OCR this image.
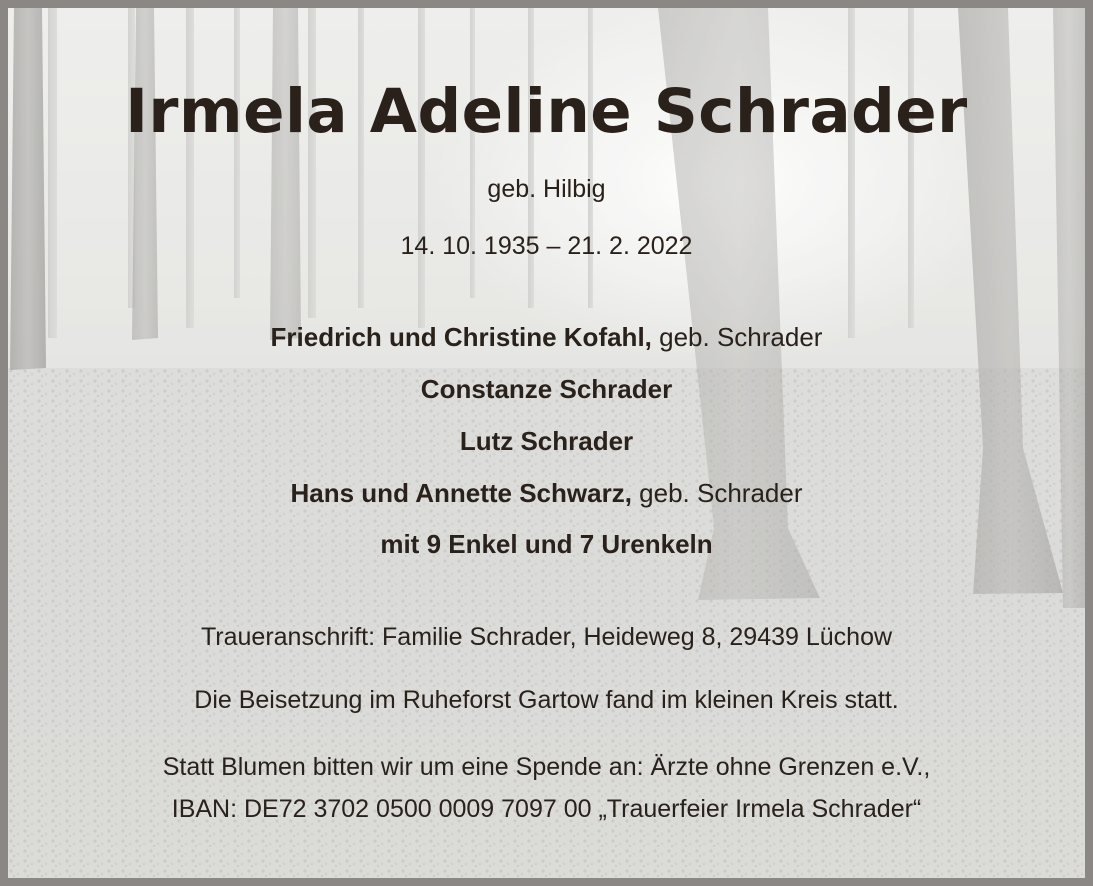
Irmela Adeline Schrader
geb. Hilbig
14. 10. 1935 – 21. 2. 2022
Friedrich und Christine Kofahl, geb. Schrader
Constanze Schrader
Lutz Schrader
Hans und Annette Schwarz, geb. Schrader
mit 9 Enkel und 7 Urenkeln
Traueranschrift: Familie Schrader, Heideweg 8, 29439 Lüchow
Die Beisetzung im Ruheforst Gartow fand im kleinen Kreis statt.
Statt Blumen bitten wir um eine Spende an: Ärzte ohne Grenzen e.V.,
IBAN: DE72 3702 0500 0009 7097 00 „Trauerfeier Irmela Schrader“
